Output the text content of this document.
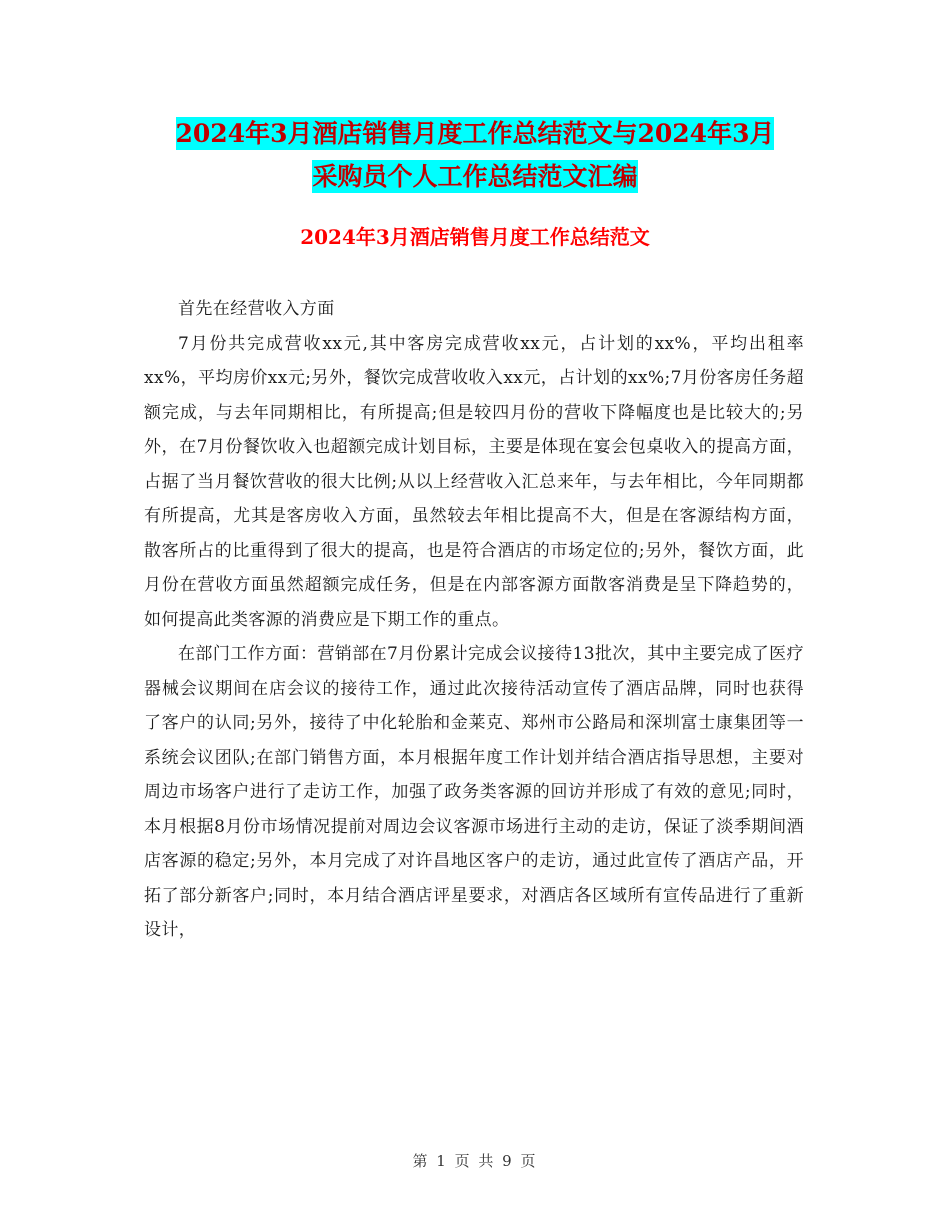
2024年3月酒店销售月度工作总结范文与2024年3月
采购员个人工作总结范文汇编
2024年3月酒店销售月度工作总结范文

首先在经营收入方面

7月份共完成营收xx元,其中客房完成营收xx元，占计划的xx%，平均出租率xx%，平均房价xx元;另外，餐饮完成营收收入xx元，占计划的xx%;7月份客房任务超额完成，与去年同期相比，有所提高;但是较四月份的营收下降幅度也是比较大的;另外，在7月份餐饮收入也超额完成计划目标，主要是体现在宴会包桌收入的提高方面，占据了当月餐饮营收的很大比例;从以上经营收入汇总来年，与去年相比，今年同期都有所提高，尤其是客房收入方面，虽然较去年相比提高不大，但是在客源结构方面，散客所占的比重得到了很大的提高，也是符合酒店的市场定位的;另外，餐饮方面，此月份在营收方面虽然超额完成任务，但是在内部客源方面散客消费是呈下降趋势的，如何提高此类客源的消费应是下期工作的重点。

在部门工作方面：营销部在7月份累计完成会议接待13批次，其中主要完成了医疗器械会议期间在店会议的接待工作，通过此次接待活动宣传了酒店品牌，同时也获得了客户的认同;另外，接待了中化轮胎和金莱克、郑州市公路局和深圳富士康集团等一系统会议团队;在部门销售方面，本月根据年度工作计划并结合酒店指导思想，主要对周边市场客户进行了走访工作，加强了政务类客源的回访并形成了有效的意见;同时，本月根据8月份市场情况提前对周边会议客源市场进行主动的走访，保证了淡季期间酒店客源的稳定;另外，本月完成了对许昌地区客户的走访，通过此宣传了酒店产品，开拓了部分新客户;同时，本月结合酒店评星要求，对酒店各区域所有宣传品进行了重新设计，

第 1 页 共 9 页
